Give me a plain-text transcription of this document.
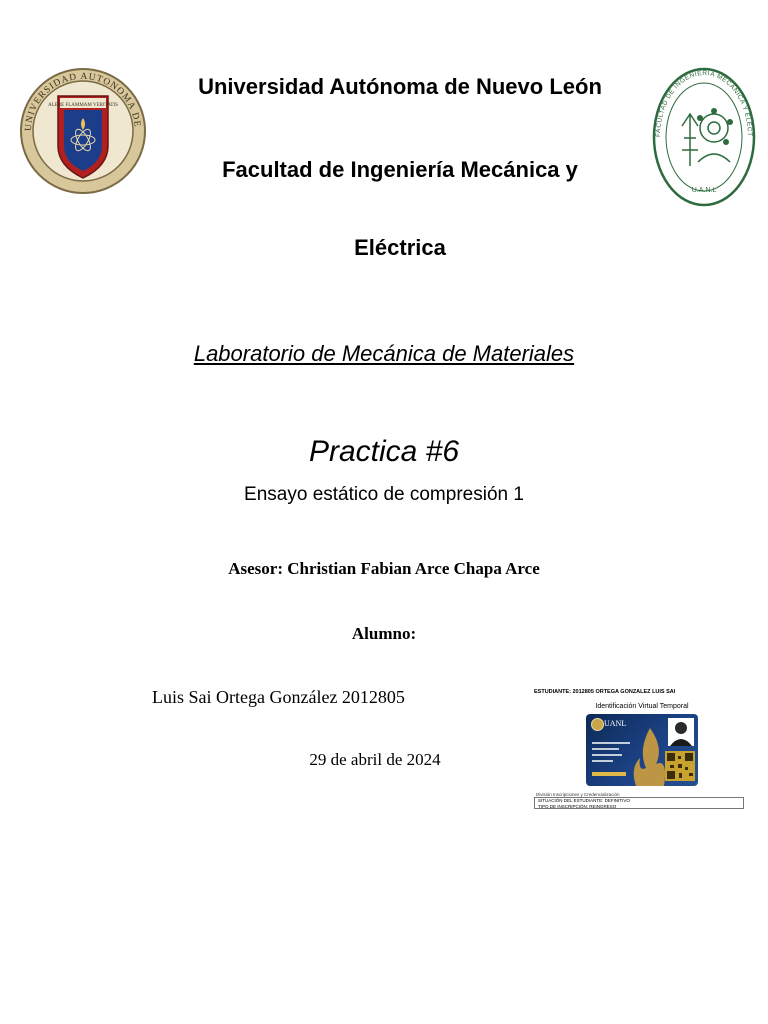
UNIVERSIDAD AUTONOMA DE
ALERE FLAMMAM VERITATIS
FACULTAD DE INGENIERIA MECANICA Y ELECT
U.A.N.L
Universidad Autónoma de Nuevo León
Facultad de Ingeniería Mecánica y
Eléctrica
Laboratorio de Mecánica de Materiales
Practica #6
Ensayo estático de compresión 1
Asesor: Christian Fabian Arce Chapa Arce
Alumno:
Luis Sai Ortega González 2012805
29 de abril de 2024
ESTUDIANTE: 2012805 ORTEGA GONZALEZ LUIS SAI
Identificación Virtual Temporal
UANL
División Inscripciones y Credencialización
SITUACIÓN DEL ESTUDIANTE: DEFINITIVO
TIPO DE INSCRIPCIÓN: REINGRESO
